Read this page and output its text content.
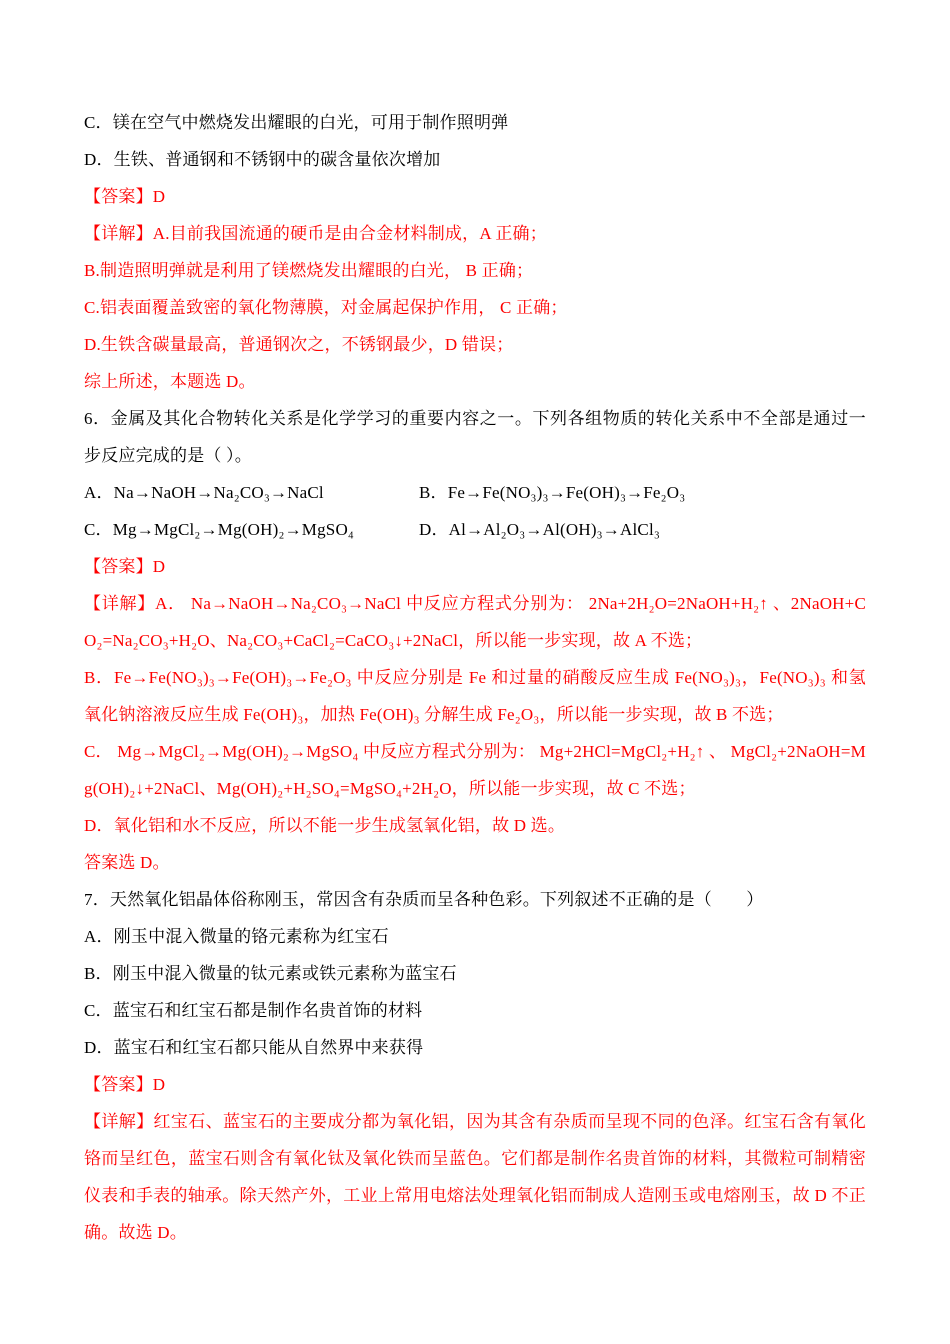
C．镁在空气中燃烧发出耀眼的白光，可用于制作照明弹

D．生铁、普通钢和不锈钢中的碳含量依次增加

【答案】D

【详解】A.目前我国流通的硬币是由合金材料制成，A 正确；

B.制造照明弹就是利用了镁燃烧发出耀眼的白光， B 正确；

C.铝表面覆盖致密的氧化物薄膜，对金属起保护作用， C 正确；

D.生铁含碳量最高，普通钢次之，不锈钢最少，D 错误；

综上所述，本题选 D。

6．金属及其化合物转化关系是化学学习的重要内容之一。下列各组物质的转化关系中不全部是通过一步反应完成的是（ ）。

A．Na→NaOH→Na₂CO₃→NaCl	B．Fe→Fe(NO₃)₃→Fe(OH)₃→Fe₂O₃

C．Mg→MgCl₂→Mg(OH)₂→MgSO₄	D．Al→Al₂O₃→Al(OH)₃→AlCl₃

【答案】D

【详解】A． Na→NaOH→Na₂CO₃→NaCl 中反应方程式分别为： 2Na+2H₂O=2NaOH+H₂↑ 、2NaOH+CO₂=Na₂CO₃+H₂O、Na₂CO₃+CaCl₂=CaCO₃↓+2NaCl，所以能一步实现，故 A 不选；

B．Fe→Fe(NO₃)₃→Fe(OH)₃→Fe₂O₃ 中反应分别是 Fe 和过量的硝酸反应生成 Fe(NO₃)₃，Fe(NO₃)₃ 和氢氧化钠溶液反应生成 Fe(OH)₃，加热 Fe(OH)₃ 分解生成 Fe₂O₃，所以能一步实现，故 B 不选；

C． Mg→MgCl₂→Mg(OH)₂→MgSO₄ 中反应方程式分别为： Mg+2HCl=MgCl₂+H₂↑ 、 MgCl₂+2NaOH=Mg(OH)₂↓+2NaCl、Mg(OH)₂+H₂SO₄=MgSO₄+2H₂O，所以能一步实现，故 C 不选；

D．氧化铝和水不反应，所以不能一步生成氢氧化铝，故 D 选。

答案选 D。

7．天然氧化铝晶体俗称刚玉，常因含有杂质而呈各种色彩。下列叙述不正确的是（　　）

A．刚玉中混入微量的铬元素称为红宝石

B．刚玉中混入微量的钛元素或铁元素称为蓝宝石

C．蓝宝石和红宝石都是制作名贵首饰的材料

D．蓝宝石和红宝石都只能从自然界中来获得

【答案】D

【详解】红宝石、蓝宝石的主要成分都为氧化铝，因为其含有杂质而呈现不同的色泽。红宝石含有氧化铬而呈红色，蓝宝石则含有氧化钛及氧化铁而呈蓝色。它们都是制作名贵首饰的材料，其微粒可制精密仪表和手表的轴承。除天然产外，工业上常用电熔法处理氧化铝而制成人造刚玉或电熔刚玉，故 D 不正确。故选 D。
